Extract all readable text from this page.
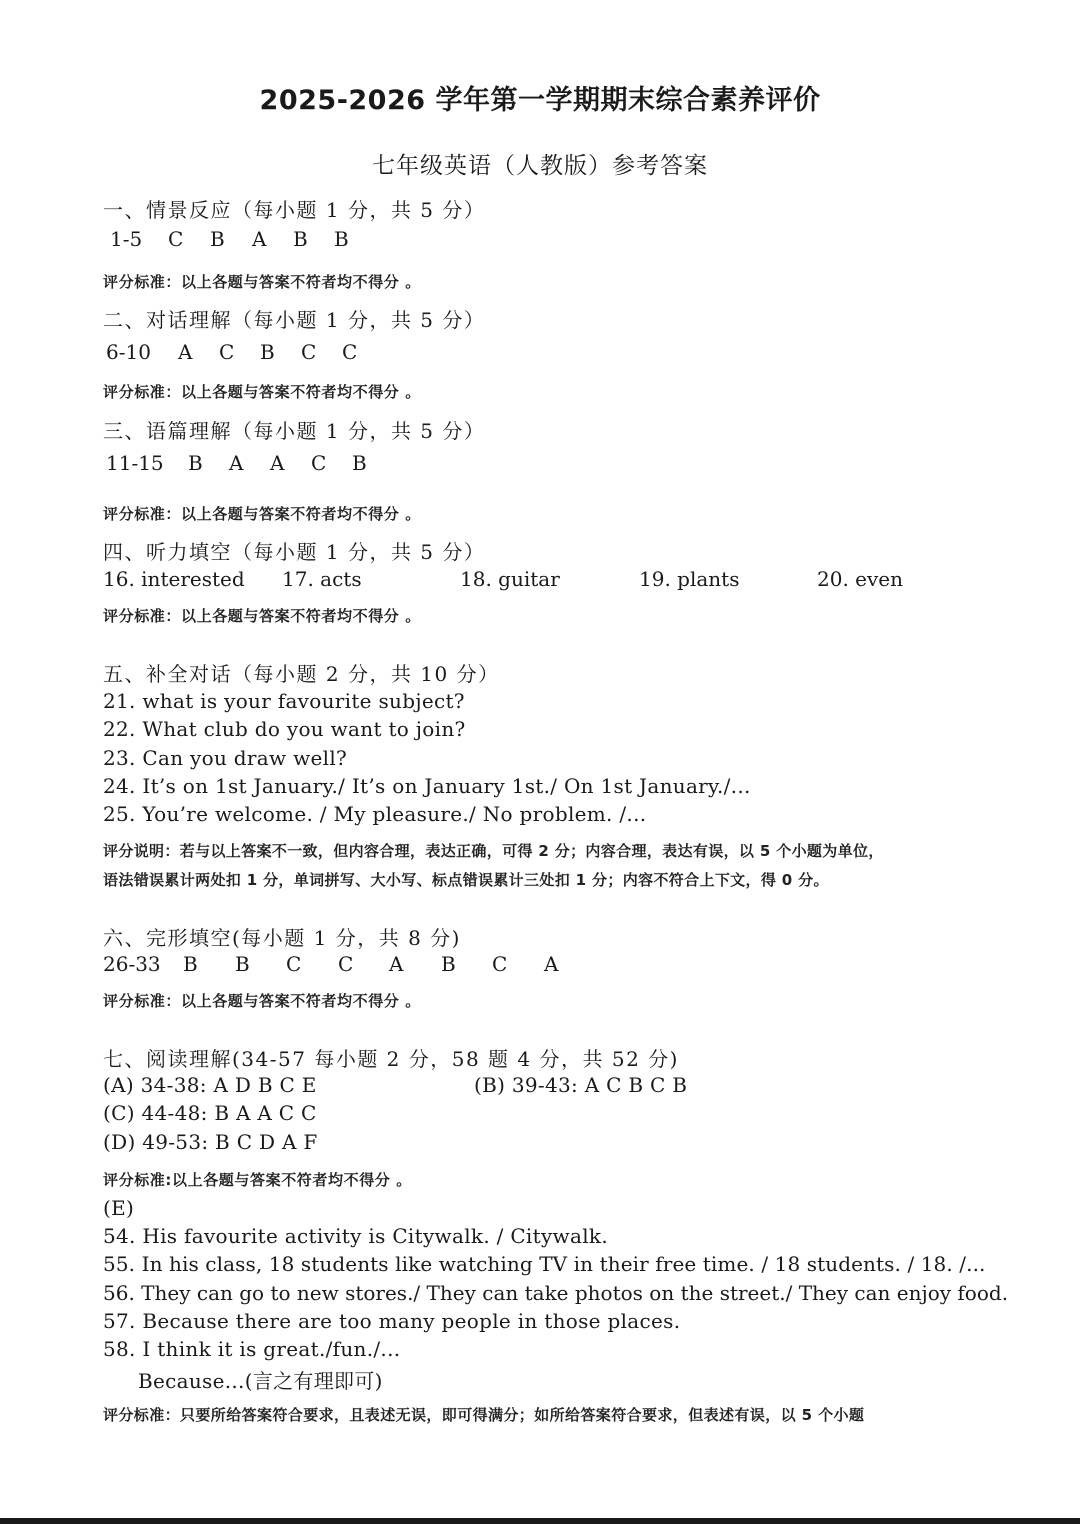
2025-2026 学年第一学期期末综合素养评价
七年级英语（人教版）参考答案
一、情景反应（每小题 1 分，共 5 分）
1-5 C B A B B
评分标准：以上各题与答案不符者均不得分 。
二、对话理解（每小题 1 分，共 5 分）
6-10 A C B C C
评分标准：以上各题与答案不符者均不得分 。
三、语篇理解（每小题 1 分，共 5 分）
11-15 B A A C B
评分标准：以上各题与答案不符者均不得分 。
四、听力填空（每小题 1 分，共 5 分）
16. interested 17. acts	18. guitar	19. plants	20. even
评分标准：以上各题与答案不符者均不得分 。
五、补全对话（每小题 2 分，共 10 分）
21. what is your favourite subject?
22. What club do you want to join?
23. Can you draw well?
24. It’s on 1st January./ It’s on January 1st./ On 1st January./...
25. You’re welcome. / My pleasure./ No problem. /...
评分说明：若与以上答案不一致，但内容合理，表达正确，可得 2 分；内容合理，表达有误，以 5 个小题为单位，
语法错误累计两处扣 1 分，单词拼写、大小写、标点错误累计三处扣 1 分；内容不符合上下文，得 0 分。
六、完形填空(每小题 1 分，共 8 分)
26-33 B B C C A B C A
评分标准：以上各题与答案不符者均不得分 。
七、阅读理解(34-57 每小题 2 分，58 题 4 分，共 52 分)
(A) 34-38: A D B C E	(B) 39-43: A C B C B
(C) 44-48: B A A C C
(D) 49-53: B C D A F
评分标准:以上各题与答案不符者均不得分 。
(E)
54. His favourite activity is Citywalk. / Citywalk.
55. In his class, 18 students like watching TV in their free time. / 18 students. / 18. /...
56. They can go to new stores./ They can take photos on the street./ They can enjoy food.
57. Because there are too many people in those places.
58. I think it is great./fun./...
Because...(言之有理即可)
评分标准：只要所给答案符合要求，且表述无误，即可得满分；如所给答案符合要求，但表述有误，以 5 个小题
